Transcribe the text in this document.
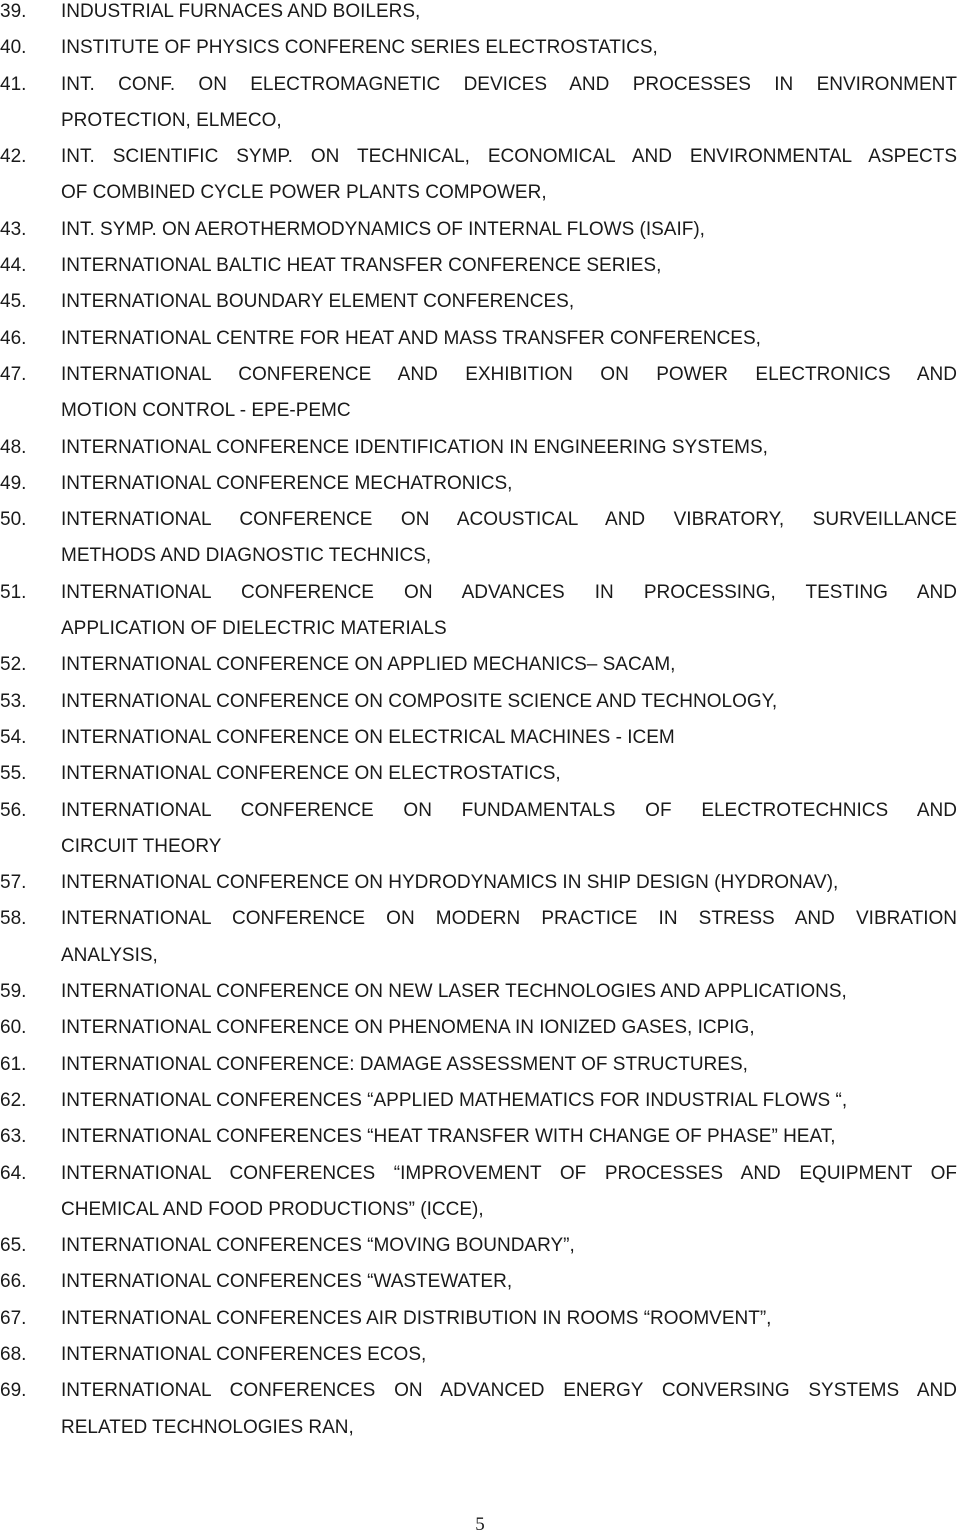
39.	INDUSTRIAL FURNACES AND BOILERS,
40.	INSTITUTE OF PHYSICS CONFERENC SERIES ELECTROSTATICS,
41.	INT. CONF. ON ELECTROMAGNETIC DEVICES AND PROCESSES IN ENVIRONMENT
PROTECTION, ELMECO,
42.	INT. SCIENTIFIC SYMP. ON TECHNICAL, ECONOMICAL AND ENVIRONMENTAL ASPECTS
OF COMBINED CYCLE POWER PLANTS COMPOWER,
43.	INT. SYMP. ON AEROTHERMODYNAMICS OF INTERNAL FLOWS (ISAIF),
44.	INTERNATIONAL BALTIC HEAT TRANSFER CONFERENCE SERIES,
45.	INTERNATIONAL BOUNDARY ELEMENT CONFERENCES,
46.	INTERNATIONAL CENTRE FOR HEAT AND MASS TRANSFER CONFERENCES,
47.	INTERNATIONAL CONFERENCE AND EXHIBITION ON POWER ELECTRONICS AND
MOTION CONTROL - EPE-PEMC
48.	INTERNATIONAL CONFERENCE IDENTIFICATION IN ENGINEERING SYSTEMS,
49.	INTERNATIONAL CONFERENCE MECHATRONICS,
50.	INTERNATIONAL CONFERENCE ON ACOUSTICAL AND VIBRATORY, SURVEILLANCE
METHODS AND DIAGNOSTIC TECHNICS,
51.	INTERNATIONAL CONFERENCE ON ADVANCES IN PROCESSING, TESTING AND
APPLICATION OF DIELECTRIC MATERIALS
52.	INTERNATIONAL CONFERENCE ON APPLIED MECHANICS– SACAM,
53.	INTERNATIONAL CONFERENCE ON COMPOSITE SCIENCE AND TECHNOLOGY,
54.	INTERNATIONAL CONFERENCE ON ELECTRICAL MACHINES - ICEM
55.	INTERNATIONAL CONFERENCE ON ELECTROSTATICS,
56.	INTERNATIONAL CONFERENCE ON FUNDAMENTALS OF ELECTROTECHNICS AND
CIRCUIT THEORY
57.	INTERNATIONAL CONFERENCE ON HYDRODYNAMICS IN SHIP DESIGN (HYDRONAV),
58.	INTERNATIONAL CONFERENCE ON MODERN PRACTICE IN STRESS AND VIBRATION
ANALYSIS,
59.	INTERNATIONAL CONFERENCE ON NEW LASER TECHNOLOGIES AND APPLICATIONS,
60.	INTERNATIONAL CONFERENCE ON PHENOMENA IN IONIZED GASES, ICPIG,
61.	INTERNATIONAL CONFERENCE: DAMAGE ASSESSMENT OF STRUCTURES,
62.	INTERNATIONAL CONFERENCES “APPLIED MATHEMATICS FOR INDUSTRIAL FLOWS “,
63.	INTERNATIONAL CONFERENCES “HEAT TRANSFER WITH CHANGE OF PHASE” HEAT,
64.	INTERNATIONAL CONFERENCES “IMPROVEMENT OF PROCESSES AND EQUIPMENT OF
CHEMICAL AND FOOD PRODUCTIONS” (ICCE),
65.	INTERNATIONAL CONFERENCES “MOVING BOUNDARY”,
66.	INTERNATIONAL CONFERENCES “WASTEWATER,
67.	INTERNATIONAL CONFERENCES AIR DISTRIBUTION IN ROOMS “ROOMVENT”,
68.	INTERNATIONAL CONFERENCES ECOS,
69.	INTERNATIONAL CONFERENCES ON ADVANCED ENERGY CONVERSING SYSTEMS AND
RELATED TECHNOLOGIES RAN,
5
